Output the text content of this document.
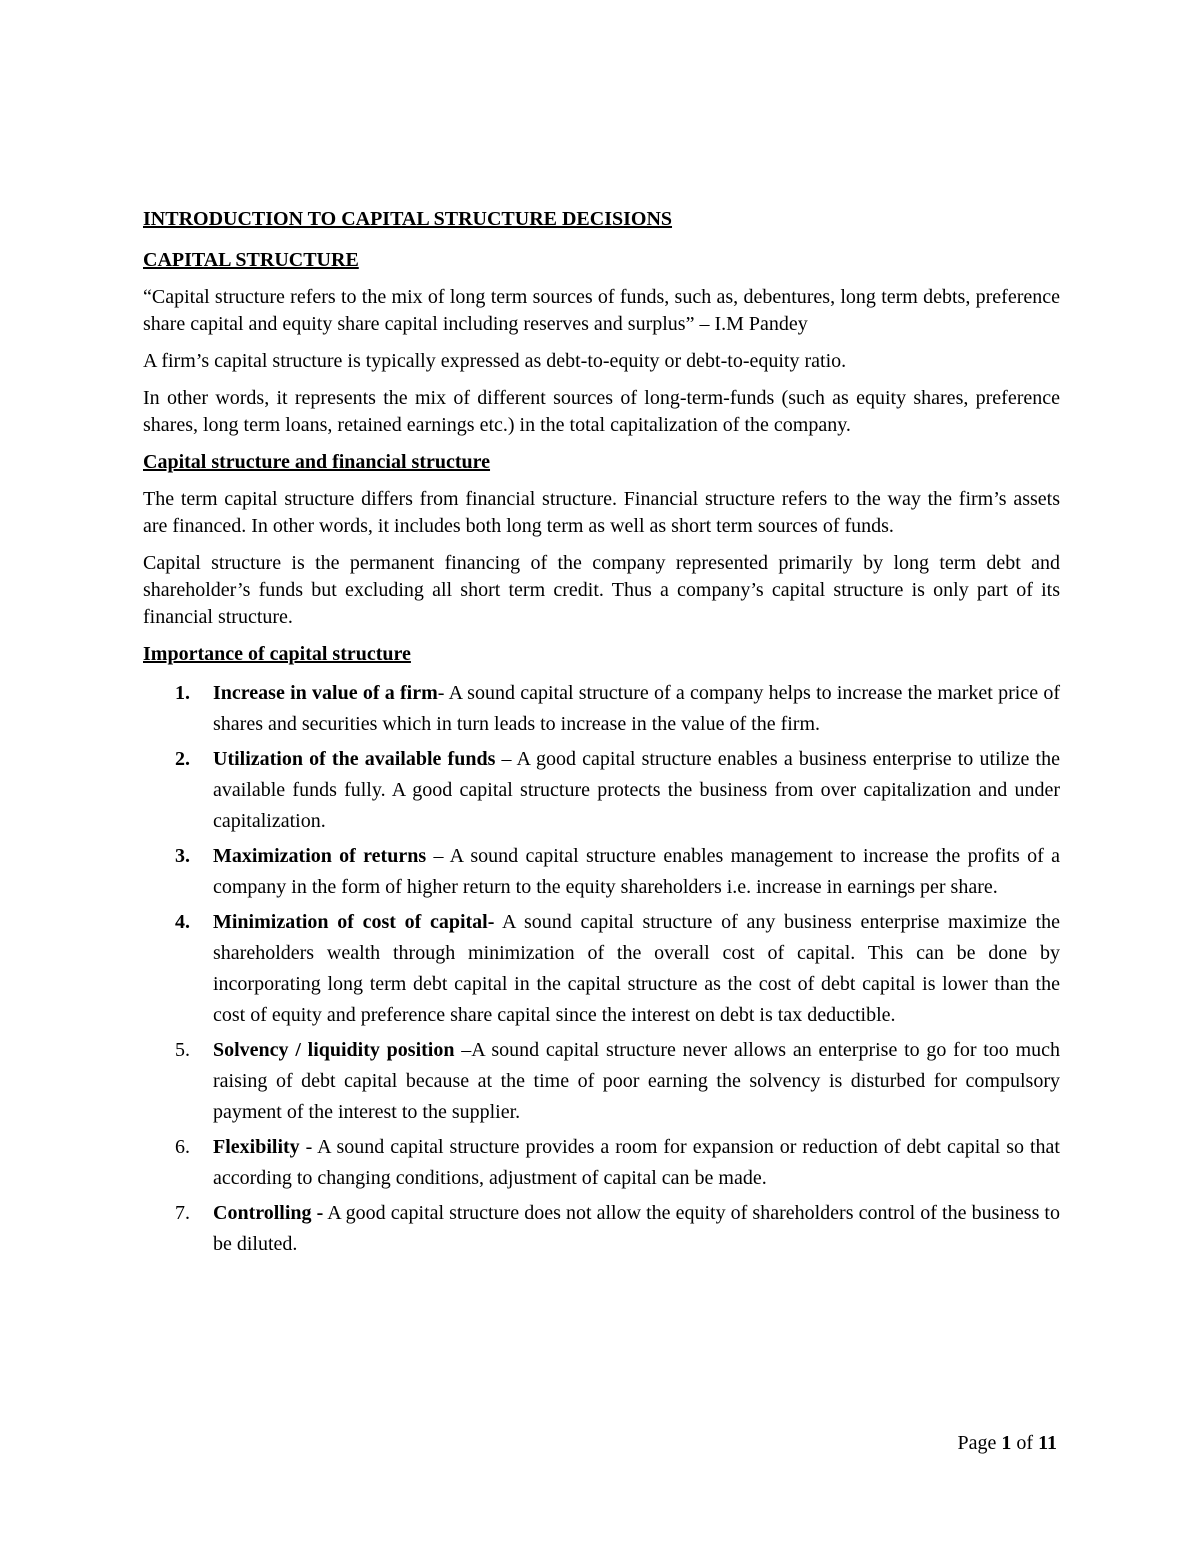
INTRODUCTION TO CAPITAL STRUCTURE DECISIONS
CAPITAL STRUCTURE

“Capital structure refers to the mix of long term sources of funds, such as, debentures, long term debts, preference share capital and equity share capital including reserves and surplus” – I.M Pandey

A firm’s capital structure is typically expressed as debt-to-equity or debt-to-equity ratio.

In other words, it represents the mix of different sources of long-term-funds (such as equity shares, preference shares, long term loans, retained earnings etc.) in the total capitalization of the company.

Capital structure and financial structure

The term capital structure differs from financial structure. Financial structure refers to the way the firm’s assets are financed. In other words, it includes both long term as well as short term sources of funds.

Capital structure is the permanent financing of the company represented primarily by long term debt and shareholder’s funds but excluding all short term credit. Thus a company’s capital structure is only part of its financial structure.

Importance of capital structure
1. Increase in value of a firm- A sound capital structure of a company helps to increase the market price of shares and securities which in turn leads to increase in the value of the firm.
2. Utilization of the available funds – A good capital structure enables a business enterprise to utilize the available funds fully. A good capital structure protects the business from over capitalization and under capitalization.
3. Maximization of returns – A sound capital structure enables management to increase the profits of a company in the form of higher return to the equity shareholders i.e. increase in earnings per share.
4. Minimization of cost of capital- A sound capital structure of any business enterprise maximize the shareholders wealth through minimization of the overall cost of capital. This can be done by incorporating long term debt capital in the capital structure as the cost of debt capital is lower than the cost of equity and preference share capital since the interest on debt is tax deductible.
5. Solvency / liquidity position –A sound capital structure never allows an enterprise to go for too much raising of debt capital because at the time of poor earning the solvency is disturbed for compulsory payment of the interest to the supplier.
6. Flexibility - A sound capital structure provides a room for expansion or reduction of debt capital so that according to changing conditions, adjustment of capital can be made.
7. Controlling - A good capital structure does not allow the equity of shareholders control of the business to be diluted.
Page 1 of 11
